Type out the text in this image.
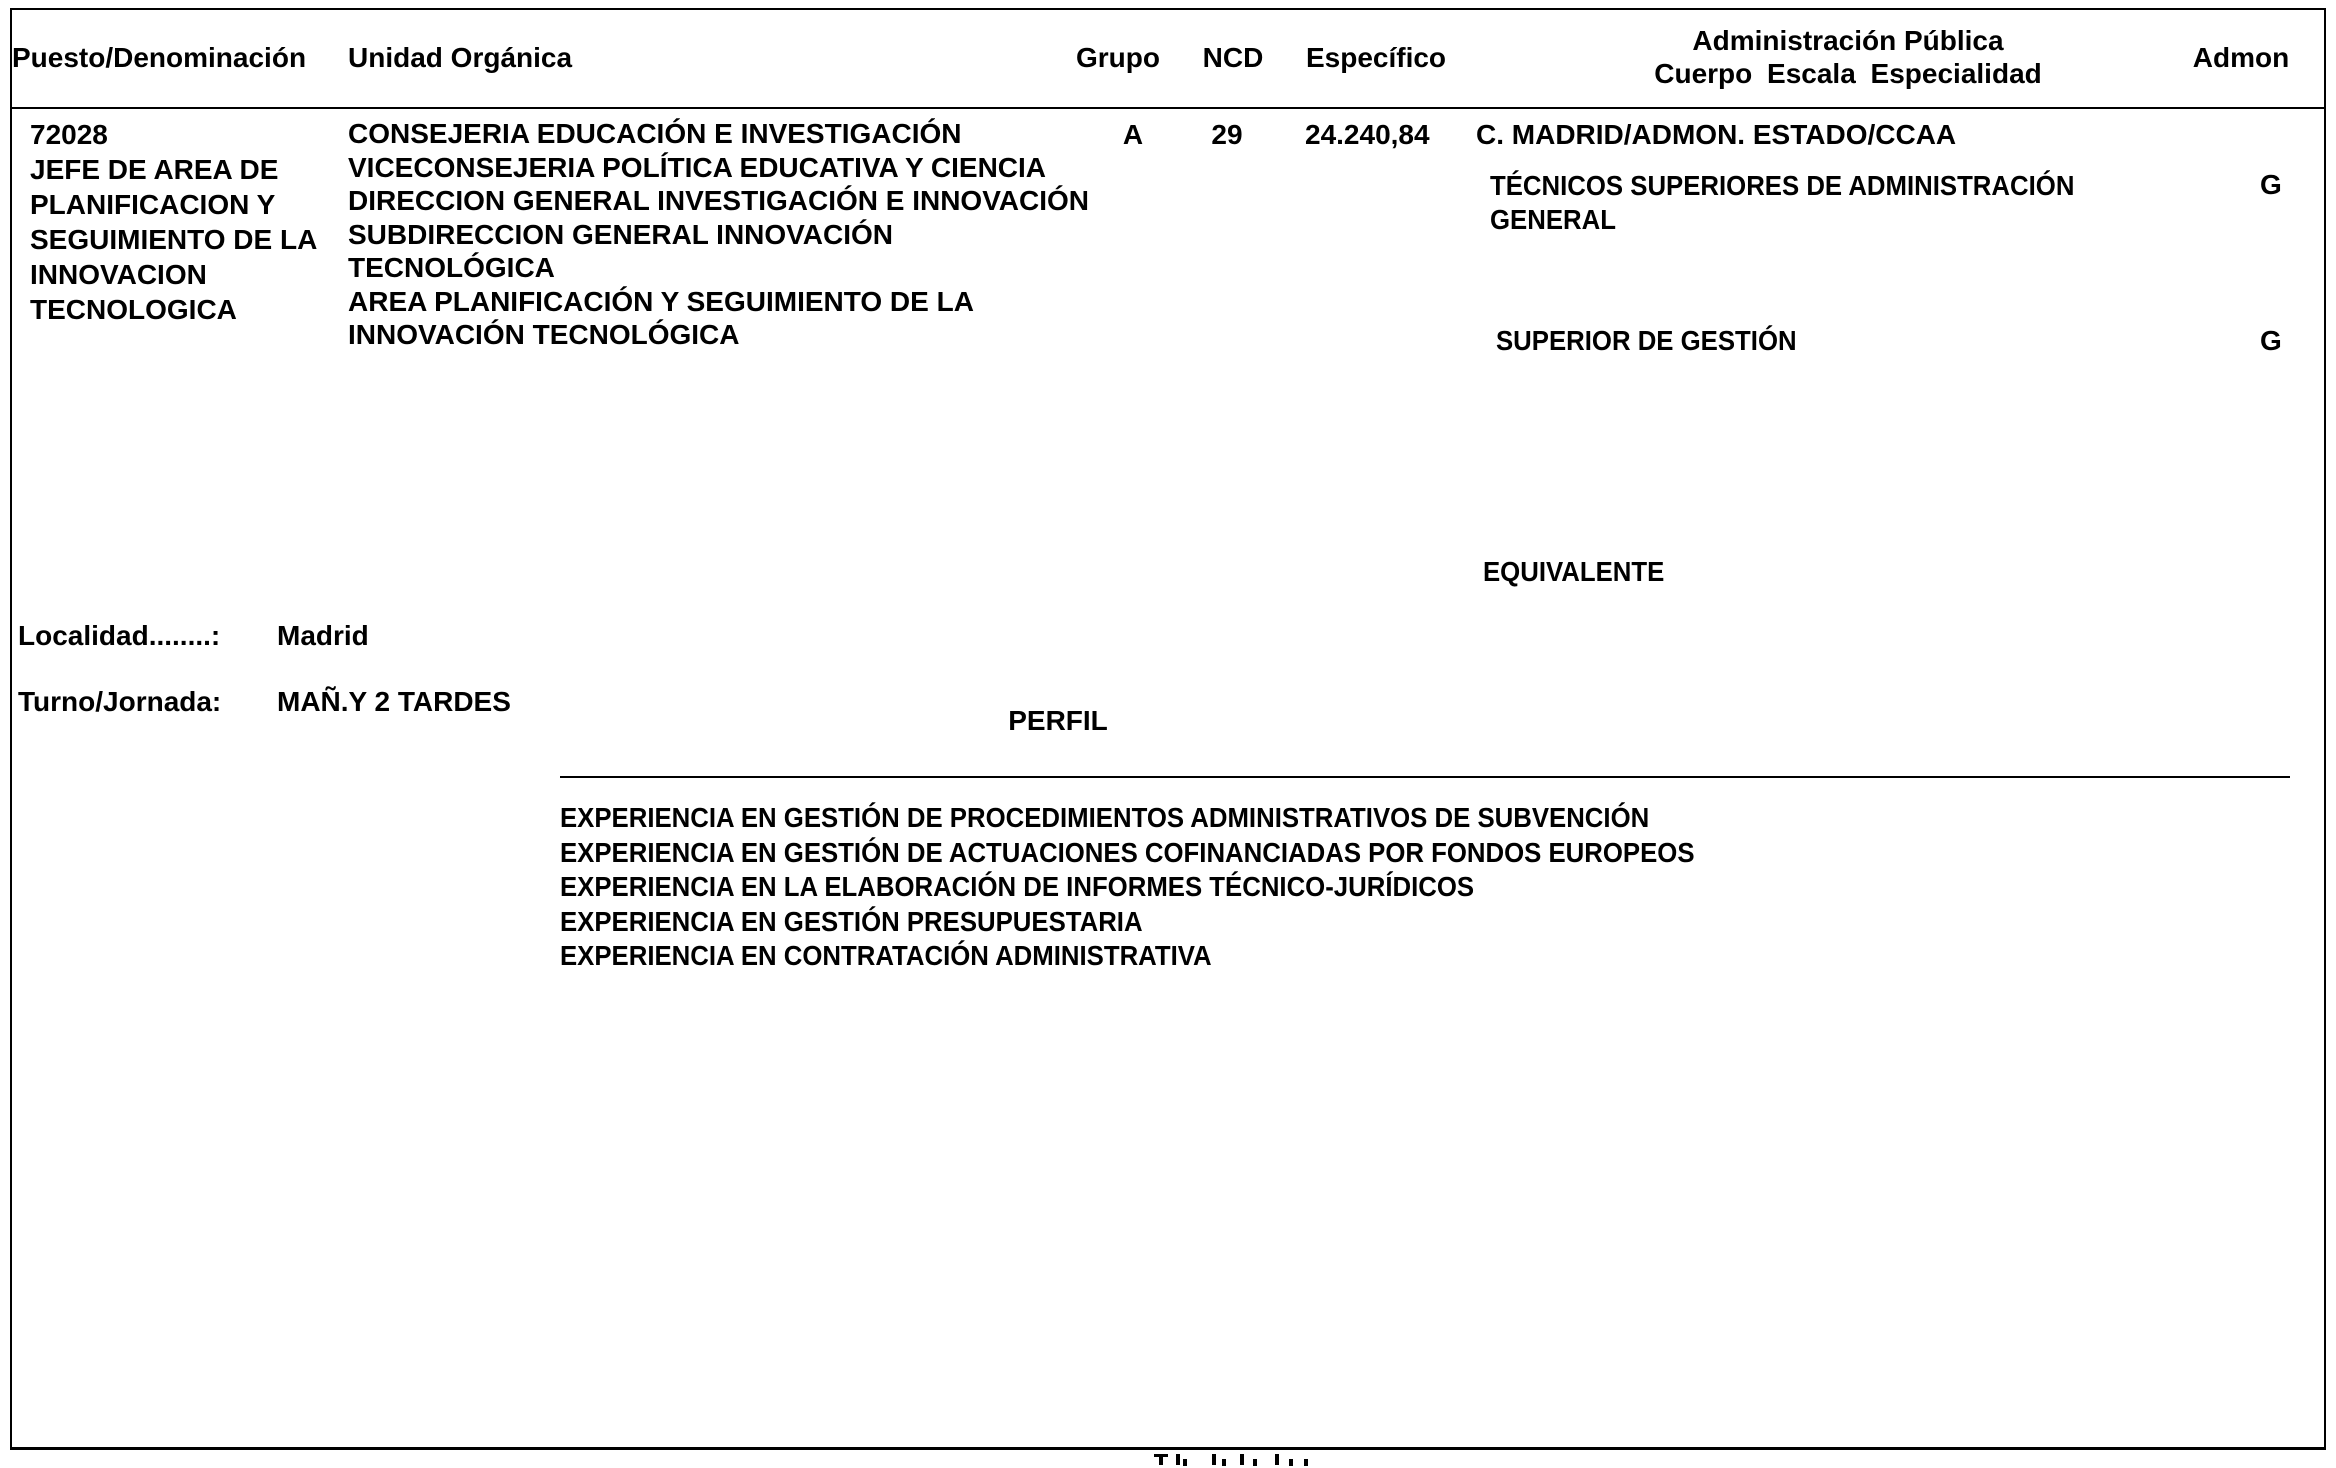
Puesto/Denominación Unidad Orgánica	Grupo NCD Específico
Administración Pública
Cuerpo Escala Especialidad
Admon
72028
JEFE DE AREA DE PLANIFICACION Y SEGUIMIENTO DE LA INNOVACION TECNOLOGICA
CONSEJERIA EDUCACIÓN E INVESTIGACIÓN
VICECONSEJERIA POLÍTICA EDUCATIVA Y CIENCIA
DIRECCION GENERAL INVESTIGACIÓN E INNOVACIÓN
SUBDIRECCION GENERAL INNOVACIÓN TECNOLÓGICA
AREA PLANIFICACIÓN Y SEGUIMIENTO DE LA INNOVACIÓN TECNOLÓGICA
A 29 24.240,84 C. MADRID/ADMON. ESTADO/CCAA
TÉCNICOS SUPERIORES DE ADMINISTRACIÓN GENERAL
G
SUPERIOR DE GESTIÓN	G
EQUIVALENTE
Localidad........: Madrid
Turno/Jornada: MAÑ.Y 2 TARDES
PERFIL
EXPERIENCIA EN GESTIÓN DE PROCEDIMIENTOS ADMINISTRATIVOS DE SUBVENCIÓN
EXPERIENCIA EN GESTIÓN DE ACTUACIONES COFINANCIADAS POR FONDOS EUROPEOS
EXPERIENCIA EN LA ELABORACIÓN DE INFORMES TÉCNICO-JURÍDICOS
EXPERIENCIA EN GESTIÓN PRESUPUESTARIA
EXPERIENCIA EN CONTRATACIÓN ADMINISTRATIVA
